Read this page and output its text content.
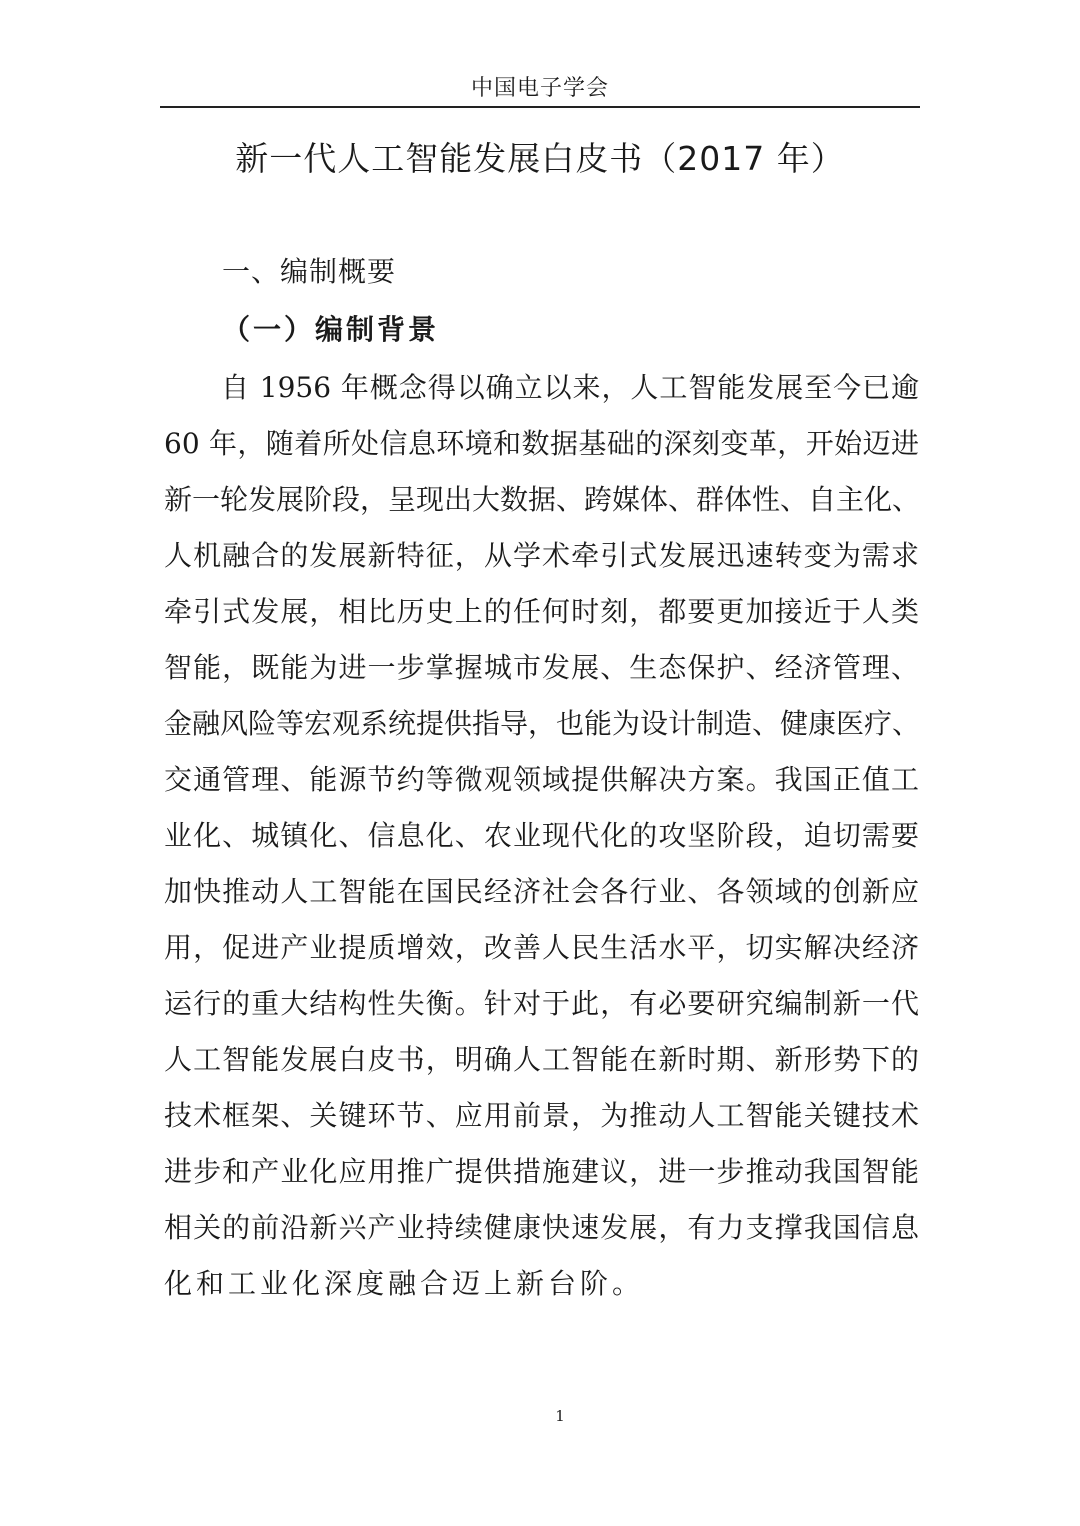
中国电子学会
新一代人工智能发展白皮书（2017 年）
一、编制概要
（一）编制背景
自 1956 年概念得以确立以来，人工智能发展至今已逾
60 年，随着所处信息环境和数据基础的深刻变革，开始迈进
新一轮发展阶段，呈现出大数据、跨媒体、群体性、自主化、
人机融合的发展新特征，从学术牵引式发展迅速转变为需求
牵引式发展，相比历史上的任何时刻，都要更加接近于人类
智能，既能为进一步掌握城市发展、生态保护、经济管理、
金融风险等宏观系统提供指导，也能为设计制造、健康医疗、
交通管理、能源节约等微观领域提供解决方案。我国正值工
业化、城镇化、信息化、农业现代化的攻坚阶段，迫切需要
加快推动人工智能在国民经济社会各行业、各领域的创新应
用，促进产业提质增效，改善人民生活水平，切实解决经济
运行的重大结构性失衡。针对于此，有必要研究编制新一代
人工智能发展白皮书，明确人工智能在新时期、新形势下的
技术框架、关键环节、应用前景，为推动人工智能关键技术
进步和产业化应用推广提供措施建议，进一步推动我国智能
相关的前沿新兴产业持续健康快速发展，有力支撑我国信息
化和工业化深度融合迈上新台阶。
1
